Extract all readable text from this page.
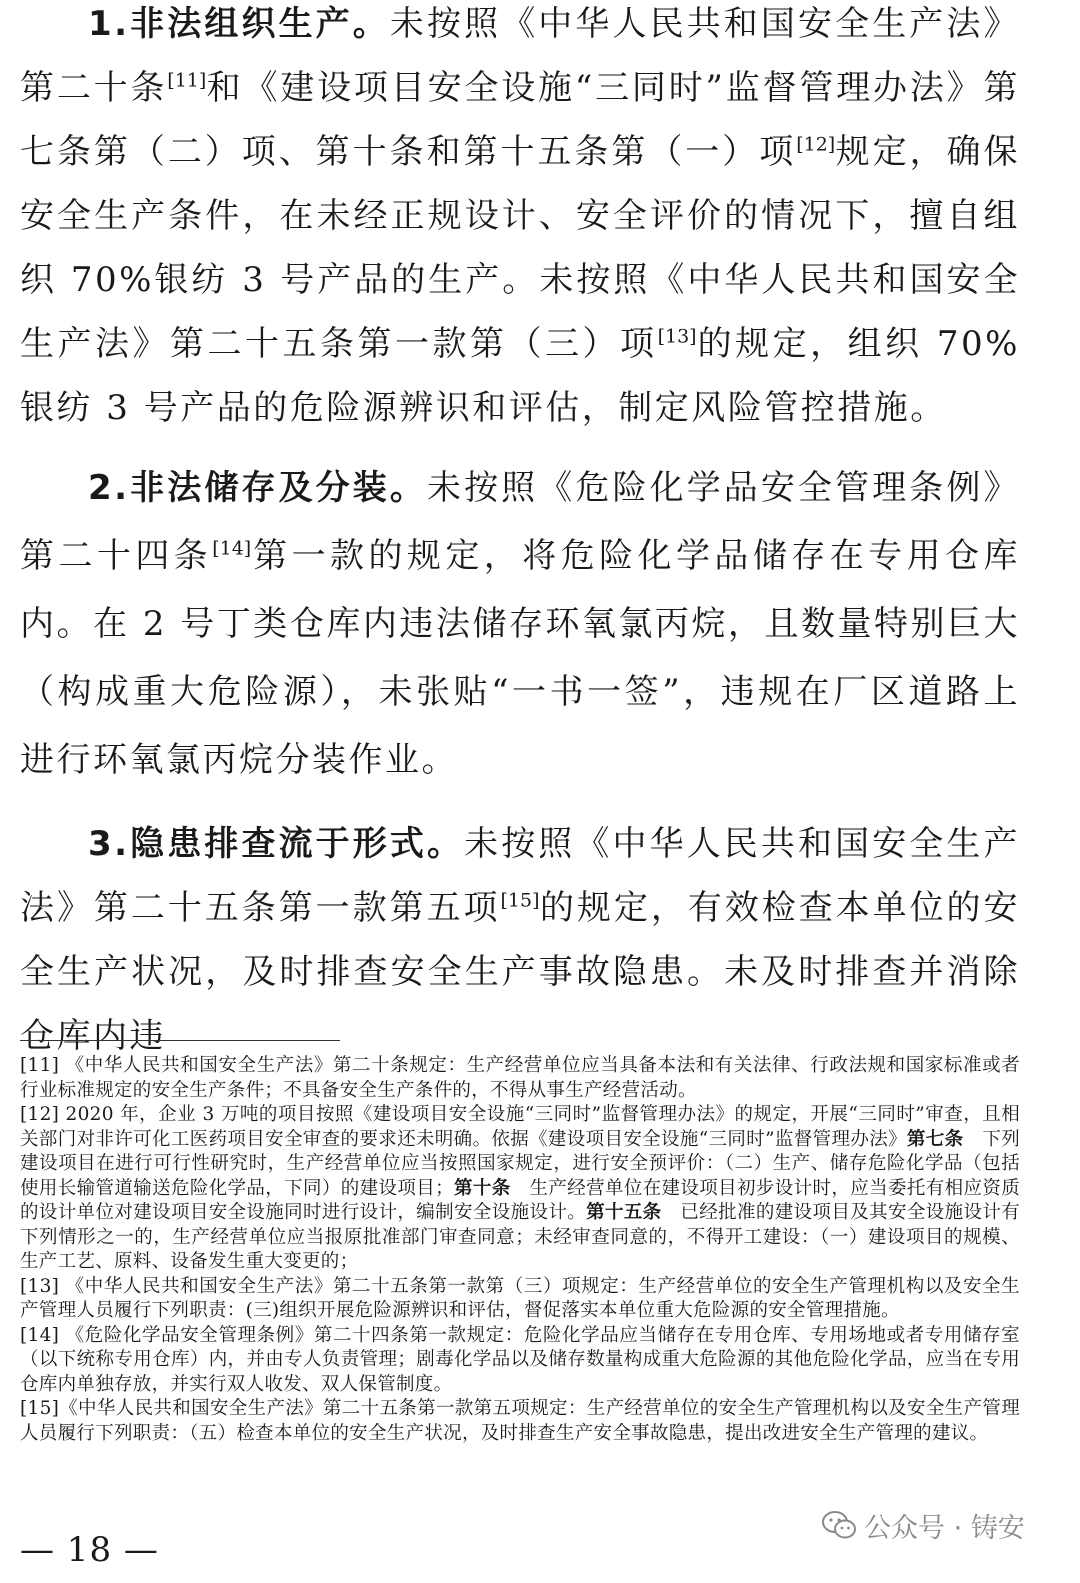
1.非法组织生产。未按照《中华人民共和国安全生产法》第二十条[11]和《建设项目安全设施“三同时”监督管理办法》第七条第（二）项、第十条和第十五条第（一）项[12]规定，确保安全生产条件，在未经正规设计、安全评价的情况下，擅自组织 70%银纺 3 号产品的生产。未按照《中华人民共和国安全生产法》第二十五条第一款第（三）项[13]的规定，组织 70%银纺 3 号产品的危险源辨识和评估，制定风险管控措施。

2.非法储存及分装。未按照《危险化学品安全管理条例》第二十四条[14]第一款的规定，将危险化学品储存在专用仓库内。在 2 号丁类仓库内违法储存环氧氯丙烷，且数量特别巨大（构成重大危险源），未张贴“一书一签”，违规在厂区道路上进行环氧氯丙烷分装作业。

3.隐患排查流于形式。未按照《中华人民共和国安全生产法》第二十五条第一款第五项[15]的规定，有效检查本单位的安全生产状况，及时排查安全生产事故隐患。未及时排查并消除仓库内违

[11] 《中华人民共和国安全生产法》第二十条规定：生产经营单位应当具备本法和有关法律、行政法规和国家标准或者行业标准规定的安全生产条件；不具备安全生产条件的，不得从事生产经营活动。

[12] 2020 年，企业 3 万吨的项目按照《建设项目安全设施“三同时”监督管理办法》的规定，开展“三同时”审查，且相关部门对非许可化工医药项目安全审查的要求还未明确。依据《建设项目安全设施“三同时”监督管理办法》第七条　下列建设项目在进行可行性研究时，生产经营单位应当按照国家规定，进行安全预评价：（二）生产、储存危险化学品（包括使用长输管道输送危险化学品，下同）的建设项目；第十条　生产经营单位在建设项目初步设计时，应当委托有相应资质的设计单位对建设项目安全设施同时进行设计，编制安全设施设计。第十五条　已经批准的建设项目及其安全设施设计有下列情形之一的，生产经营单位应当报原批准部门审查同意；未经审查同意的，不得开工建设：（一）建设项目的规模、生产工艺、原料、设备发生重大变更的；

[13] 《中华人民共和国安全生产法》第二十五条第一款第（三）项规定：生产经营单位的安全生产管理机构以及安全生产管理人员履行下列职责：(三)组织开展危险源辨识和评估，督促落实本单位重大危险源的安全管理措施。

[14] 《危险化学品安全管理条例》第二十四条第一款规定：危险化学品应当储存在专用仓库、专用场地或者专用储存室（以下统称专用仓库）内，并由专人负责管理；剧毒化学品以及储存数量构成重大危险源的其他危险化学品，应当在专用仓库内单独存放，并实行双人收发、双人保管制度。

[15]《中华人民共和国安全生产法》第二十五条第一款第五项规定：生产经营单位的安全生产管理机构以及安全生产管理人员履行下列职责：（五）检查本单位的安全生产状况，及时排查生产安全事故隐患，提出改进安全生产管理的建议。

公众号 · 铸安
— 18 —
